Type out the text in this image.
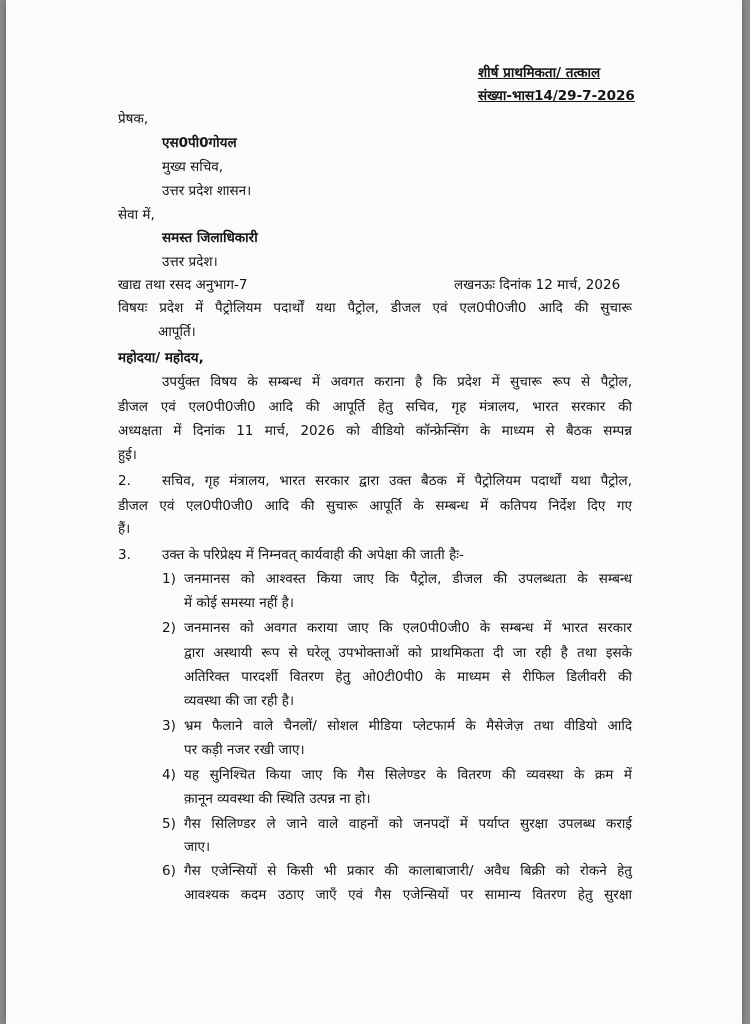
शीर्ष प्राथमिकता/ तत्काल
संख्या-भास14/29-7-2026
प्रेषक,
एस0पी0गोयल
मुख्य सचिव,
उत्तर प्रदेश शासन।
सेवा में,
समस्त जिलाधिकारी
उत्तर प्रदेश।
खाद्य तथा रसद अनुभाग-7	लखनऊः दिनांक 12 मार्च, 2026
विषयः प्रदेश में पैट्रोलियम पदार्थों यथा पैट्रोल, डीजल एवं एल0पी0जी0 आदि की सुचारू
आपूर्ति।
महोदया/ महोदय,
उपर्युक्त विषय के सम्बन्ध में अवगत कराना है कि प्रदेश में सुचारू रूप से पैट्रोल,
डीजल एवं एल0पी0जी0 आदि की आपूर्ति हेतु सचिव, गृह मंत्रालय, भारत सरकार की
अध्यक्षता में दिनांक 11 मार्च, 2026 को वीडियो कॉन्फ्रेन्सिंग के माध्यम से बैठक सम्पन्न
हुई।
2. सचिव, गृह मंत्रालय, भारत सरकार द्वारा उक्त बैठक में पैट्रोलियम पदार्थों यथा पैट्रोल,
डीजल एवं एल0पी0जी0 आदि की सुचारू आपूर्ति के सम्बन्ध में कतिपय निर्देश दिए गए
हैं।
3. उक्त के परिप्रेक्ष्य में निम्नवत् कार्यवाही की अपेक्षा की जाती हैः-
1) जनमानस को आश्वस्त किया जाए कि पैट्रोल, डीजल की उपलब्धता के सम्बन्ध
में कोई समस्या नहीं है।
2) जनमानस को अवगत कराया जाए कि एल0पी0जी0 के सम्बन्ध में भारत सरकार
द्वारा अस्थायी रूप से घरेलू उपभोक्ताओं को प्राथमिकता दी जा रही है तथा इसके
अतिरिक्त पारदर्शी वितरण हेतु ओ0टी0पी0 के माध्यम से रीफिल डिलीवरी की
व्यवस्था की जा रही है।
3) भ्रम फैलाने वाले चैनलों/ सोशल मीडिया प्लेटफार्म के मैसेजेज़ तथा वीडियो आदि
पर कड़ी नजर रखी जाए।
4) यह सुनिश्चित किया जाए कि गैस सिलेण्डर के वितरण की व्यवस्था के क्रम में
क़ानून व्यवस्था की स्थिति उत्पन्न ना हो।
5) गैस सिलिण्डर ले जाने वाले वाहनों को जनपदों में पर्याप्त सुरक्षा उपलब्ध कराई
जाए।
6) गैस एजेन्सियों से किसी भी प्रकार की कालाबाजारी/ अवैध बिक्री को रोकने हेतु
आवश्यक कदम उठाए जाएँ एवं गैस एजेन्सियों पर सामान्य वितरण हेतु सुरक्षा
